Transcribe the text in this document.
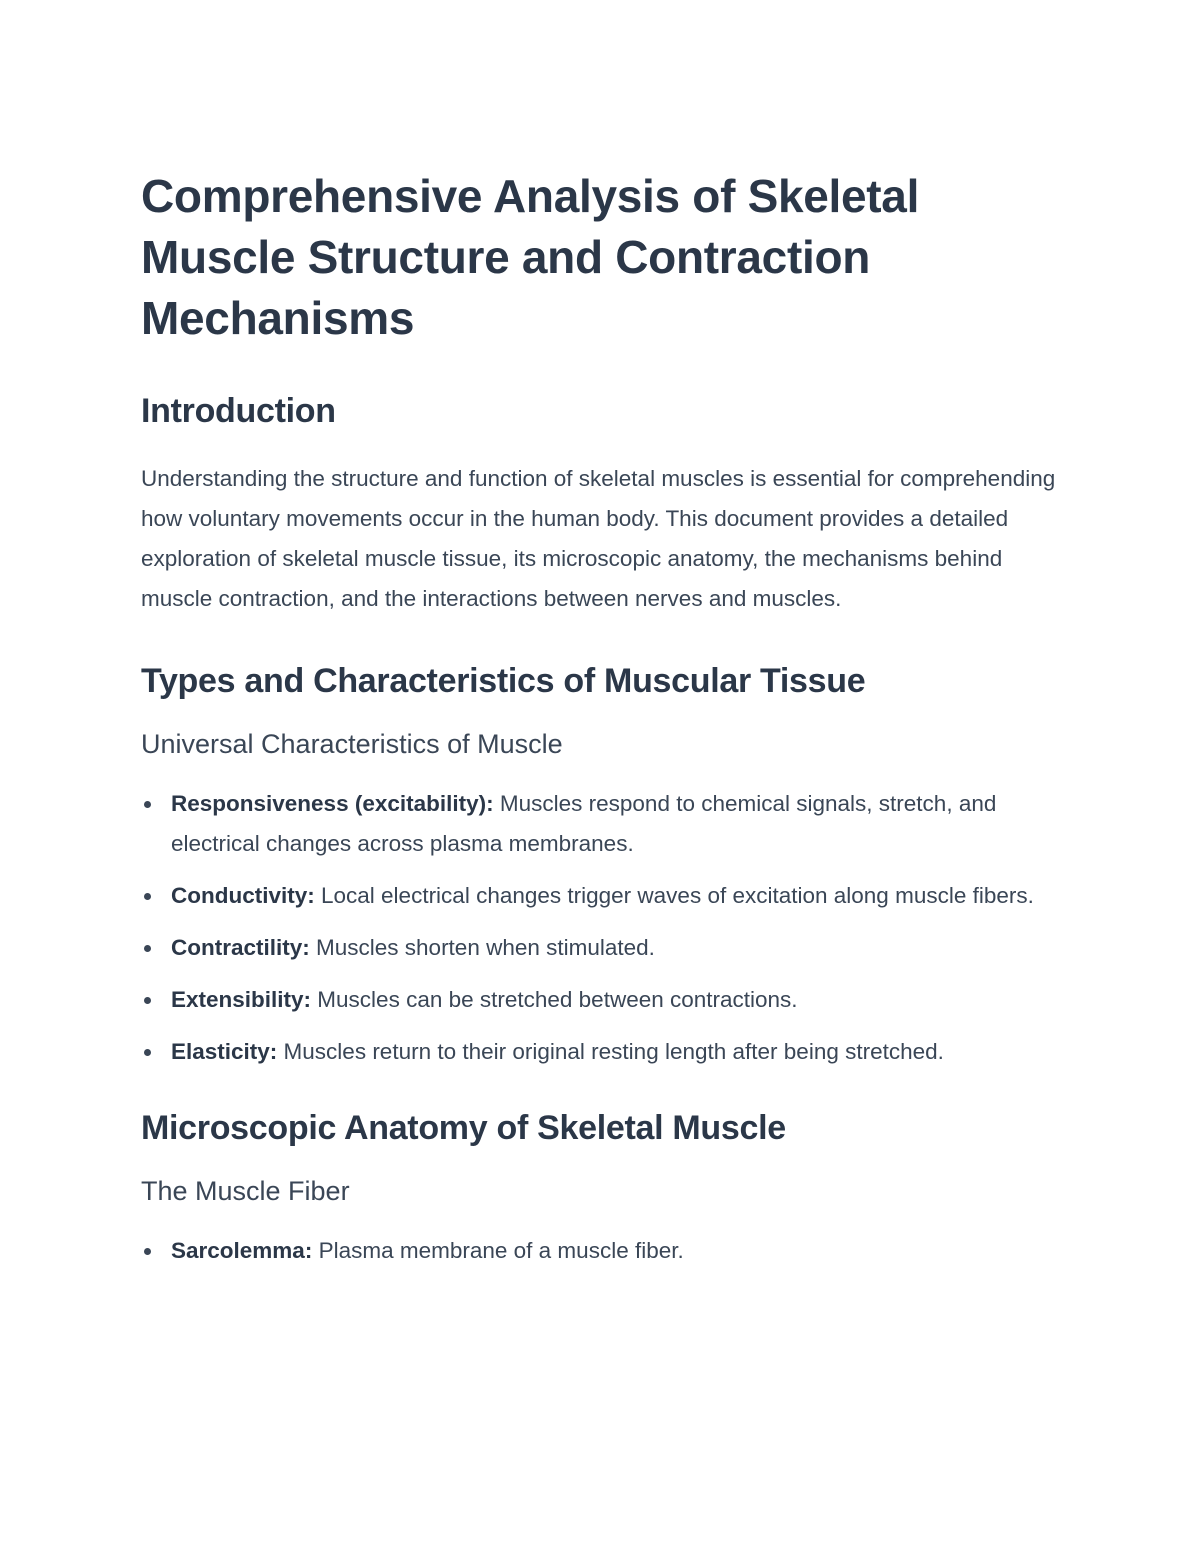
Comprehensive Analysis of Skeletal Muscle Structure and Contraction Mechanisms
Introduction

Understanding the structure and function of skeletal muscles is essential for comprehending how voluntary movements occur in the human body. This document provides a detailed exploration of skeletal muscle tissue, its microscopic anatomy, the mechanisms behind muscle contraction, and the interactions between nerves and muscles.

Types and Characteristics of Muscular Tissue
Universal Characteristics of Muscle
Responsiveness (excitability): Muscles respond to chemical signals, stretch, and electrical changes across plasma membranes.
Conductivity: Local electrical changes trigger waves of excitation along muscle fibers.
Contractility: Muscles shorten when stimulated.
Extensibility: Muscles can be stretched between contractions.
Elasticity: Muscles return to their original resting length after being stretched.
Microscopic Anatomy of Skeletal Muscle
The Muscle Fiber
Sarcolemma: Plasma membrane of a muscle fiber.
